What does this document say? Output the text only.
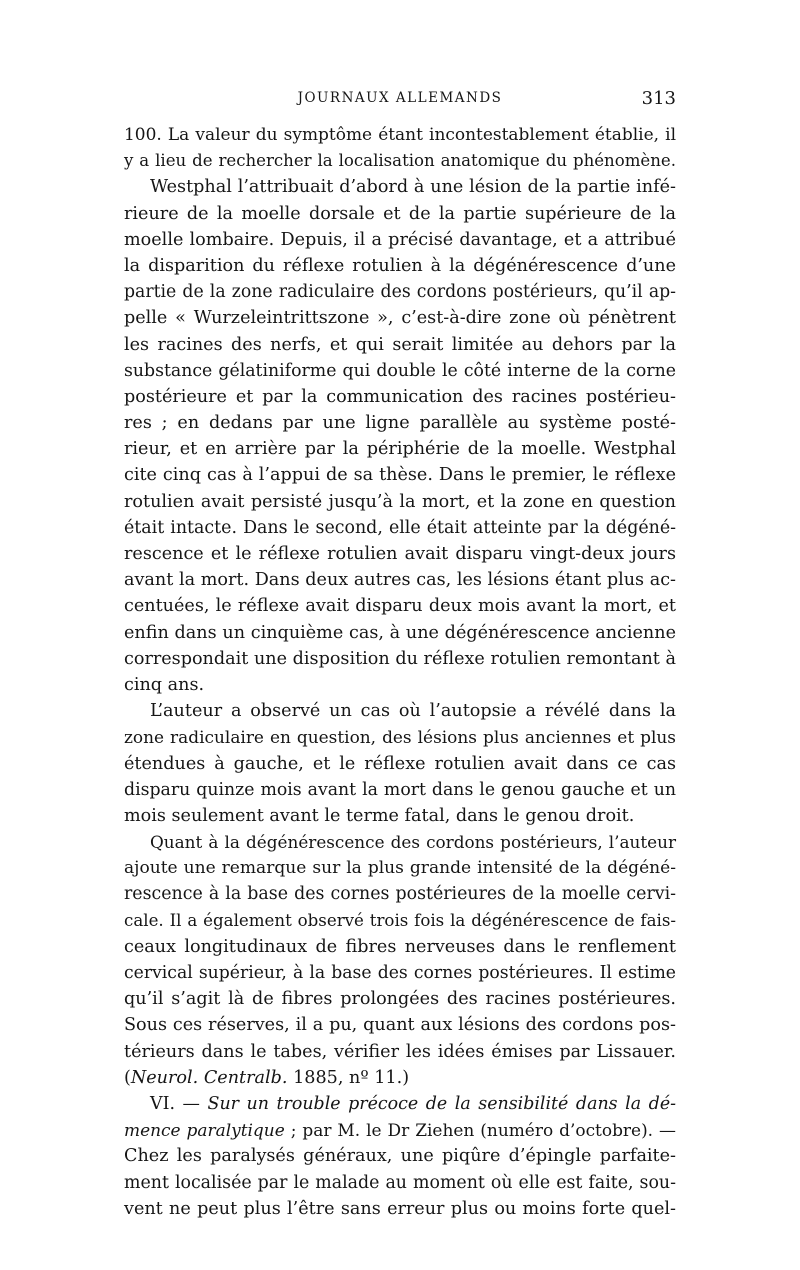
JOURNAUX ALLEMANDS	313
100. La valeur du symptôme étant incontestablement établie, il
y a lieu de rechercher la localisation anatomique du phénomène.
Westphal l’attribuait d’abord à une lésion de la partie infé-
rieure de la moelle dorsale et de la partie supérieure de la
moelle lombaire. Depuis, il a précisé davantage, et a attribué
la disparition du réflexe rotulien à la dégénérescence d’une
partie de la zone radiculaire des cordons postérieurs, qu’il ap-
pelle « Wurzeleintrittszone », c’est-à-dire zone où pénètrent
les racines des nerfs, et qui serait limitée au dehors par la
substance gélatiniforme qui double le côté interne de la corne
postérieure et par la communication des racines postérieu-
res ; en dedans par une ligne parallèle au système posté-
rieur, et en arrière par la périphérie de la moelle. Westphal
cite cinq cas à l’appui de sa thèse. Dans le premier, le réflexe
rotulien avait persisté jusqu’à la mort, et la zone en question
était intacte. Dans le second, elle était atteinte par la dégéné-
rescence et le réflexe rotulien avait disparu vingt-deux jours
avant la mort. Dans deux autres cas, les lésions étant plus ac-
centuées, le réflexe avait disparu deux mois avant la mort, et
enfin dans un cinquième cas, à une dégénérescence ancienne
correspondait une disposition du réflexe rotulien remontant à
cinq ans.
L’auteur a observé un cas où l’autopsie a révélé dans la
zone radiculaire en question, des lésions plus anciennes et plus
étendues à gauche, et le réflexe rotulien avait dans ce cas
disparu quinze mois avant la mort dans le genou gauche et un
mois seulement avant le terme fatal, dans le genou droit.
Quant à la dégénérescence des cordons postérieurs, l’auteur
ajoute une remarque sur la plus grande intensité de la dégéné-
rescence à la base des cornes postérieures de la moelle cervi-
cale. Il a également observé trois fois la dégénérescence de fais-
ceaux longitudinaux de fibres nerveuses dans le renflement
cervical supérieur, à la base des cornes postérieures. Il estime
qu’il s’agit là de fibres prolongées des racines postérieures.
Sous ces réserves, il a pu, quant aux lésions des cordons pos-
térieurs dans le tabes, vérifier les idées émises par Lissauer.
(Neurol. Centralb. 1885, nº 11.)
VI. — Sur un trouble précoce de la sensibilité dans la dé-
mence paralytique ; par M. le Dr Ziehen (numéro d’octobre). —
Chez les paralysés généraux, une piqûre d’épingle parfaite-
ment localisée par le malade au moment où elle est faite, sou-
vent ne peut plus l’être sans erreur plus ou moins forte quel-
